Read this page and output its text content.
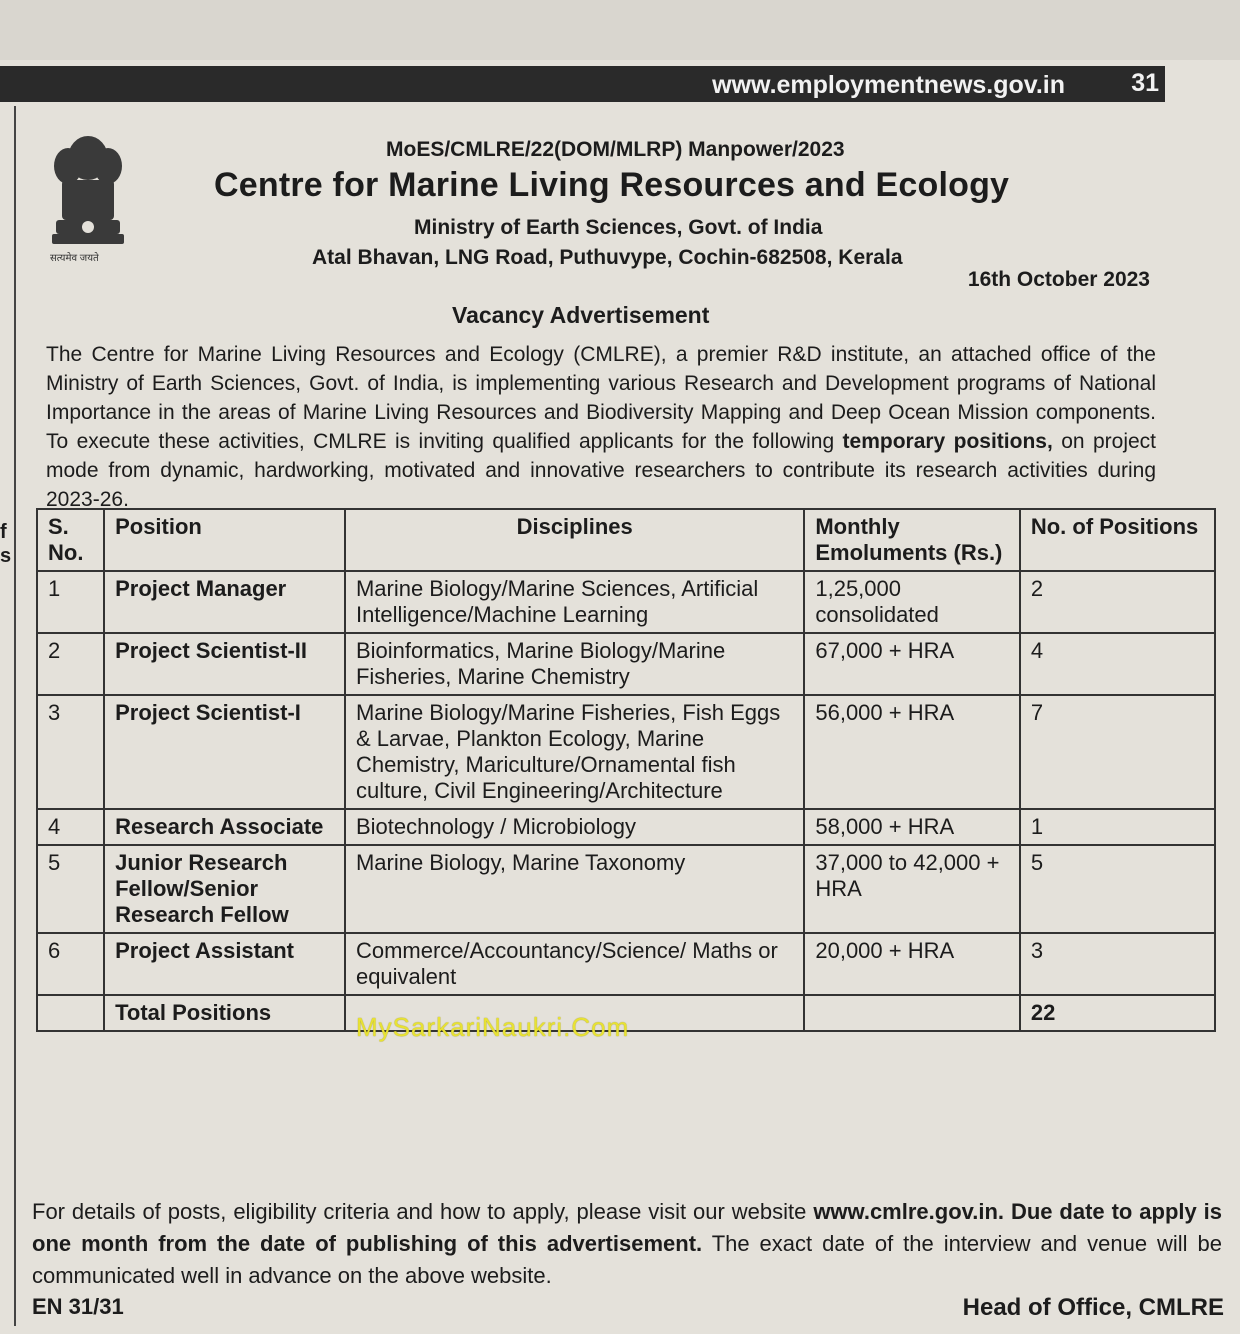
f
s
www.employmentnews.gov.in	31
सत्यमेव जयते
MoES/CMLRE/22(DOM/MLRP) Manpower/2023
Centre for Marine Living Resources and Ecology
Ministry of Earth Sciences, Govt. of India
Atal Bhavan, LNG Road, Puthuvype, Cochin-682508, Kerala
16th October 2023
Vacancy Advertisement
The Centre for Marine Living Resources and Ecology (CMLRE), a premier R&D institute, an attached office of the Ministry of Earth Sciences, Govt. of India, is implementing various Research and Development programs of National Importance in the areas of Marine Living Resources and Biodiversity Mapping and Deep Ocean Mission components. To execute these activities, CMLRE is inviting qualified applicants for the following temporary positions, on project mode from dynamic, hardworking, motivated and innovative researchers to contribute its research activities during 2023-26.
S. No.	Position	Disciplines	Monthly Emoluments (Rs.)	No. of Positions
1	Project Manager	Marine Biology/Marine Sciences, Artificial Intelligence/Machine Learning	1,25,000 consolidated	2
2	Project Scientist-II	Bioinformatics, Marine Biology/Marine Fisheries, Marine Chemistry	67,000 + HRA	4
3	Project Scientist-I	Marine Biology/Marine Fisheries, Fish Eggs & Larvae, Plankton Ecology, Marine Chemistry, Mariculture/Ornamental fish culture, Civil Engineering/Architecture	56,000 + HRA	7
4	Research Associate	Biotechnology / Microbiology	58,000 + HRA	1
5	Junior Research Fellow/Senior Research Fellow	Marine Biology, Marine Taxonomy	37,000 to 42,000 + HRA	5
6	Project Assistant	Commerce/Accountancy/Science/ Maths or equivalent	20,000 + HRA	3
	Total Positions			22
MySarkariNaukri.Com
For details of posts, eligibility criteria and how to apply, please visit our website www.cmlre.gov.in. Due date to apply is one month from the date of publishing of this advertisement. The exact date of the interview and venue will be communicated well in advance on the above website.
EN 31/31	Head of Office, CMLRE
